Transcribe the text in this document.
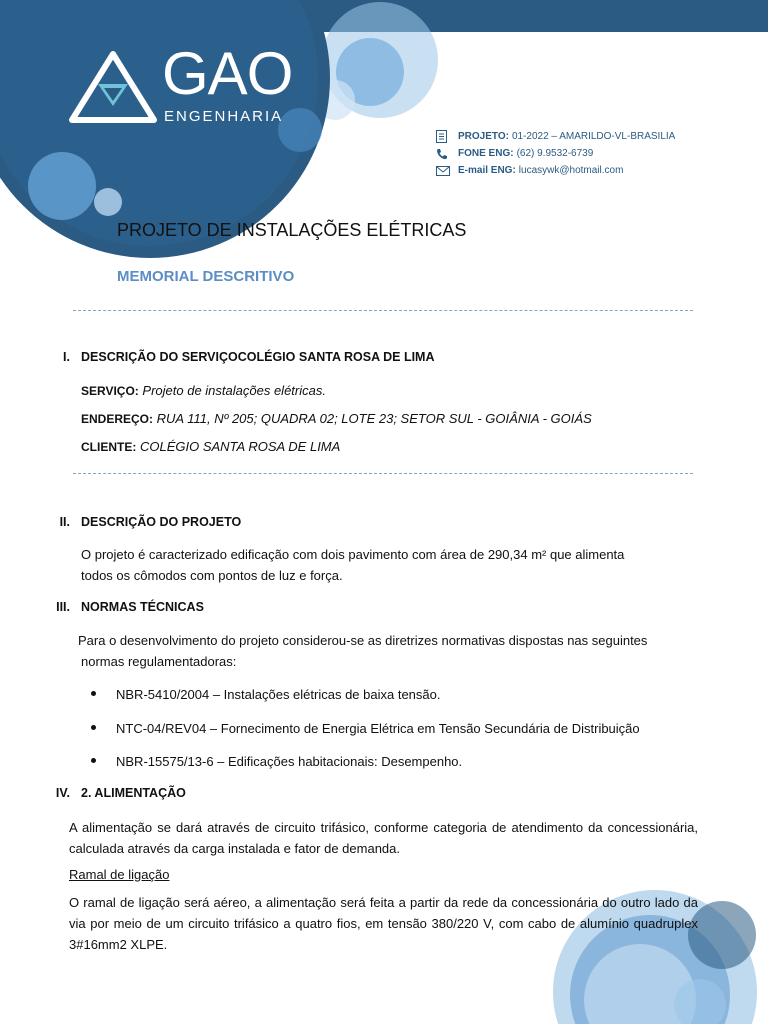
GAO
ENGENHARIA
PROJETO: 01-2022 – AMARILDO-VL-BRASILIA
FONE ENG: (62) 9.9532-6739
E-mail ENG: lucasywk@hotmail.com
PROJETO DE INSTALAÇÕES ELÉTRICAS
MEMORIAL DESCRITIVO
I. DESCRIÇÃO DO SERVIÇOCOLÉGIO SANTA ROSA DE LIMA
SERVIÇO: Projeto de instalações elétricas.
ENDEREÇO: RUA 111, Nº 205; QUADRA 02; LOTE 23; SETOR SUL - GOIÂNIA - GOIÁS
CLIENTE: COLÉGIO SANTA ROSA DE LIMA
II. DESCRIÇÃO DO PROJETO
O projeto é caracterizado edificação com dois pavimento com área de 290,34 m² que alimenta
todos os cômodos com pontos de luz e força.
III. NORMAS TÉCNICAS
Para o desenvolvimento do projeto considerou-se as diretrizes normativas dispostas nas seguintes
normas regulamentadoras:
NBR-5410/2004 – Instalações elétricas de baixa tensão.
NTC-04/REV04 – Fornecimento de Energia Elétrica em Tensão Secundária de Distribuição
NBR-15575/13-6 – Edificações habitacionais: Desempenho.
IV. 2. ALIMENTAÇÃO
A alimentação se dará através de circuito trifásico, conforme categoria de atendimento da concessionária, calculada através da carga instalada e fator de demanda.
Ramal de ligação
O ramal de ligação será aéreo, a alimentação será feita a partir da rede da concessionária do outro lado da via por meio de um circuito trifásico a quatro fios, em tensão 380/220 V, com cabo de alumínio quadruplex 3#16mm2 XLPE.
